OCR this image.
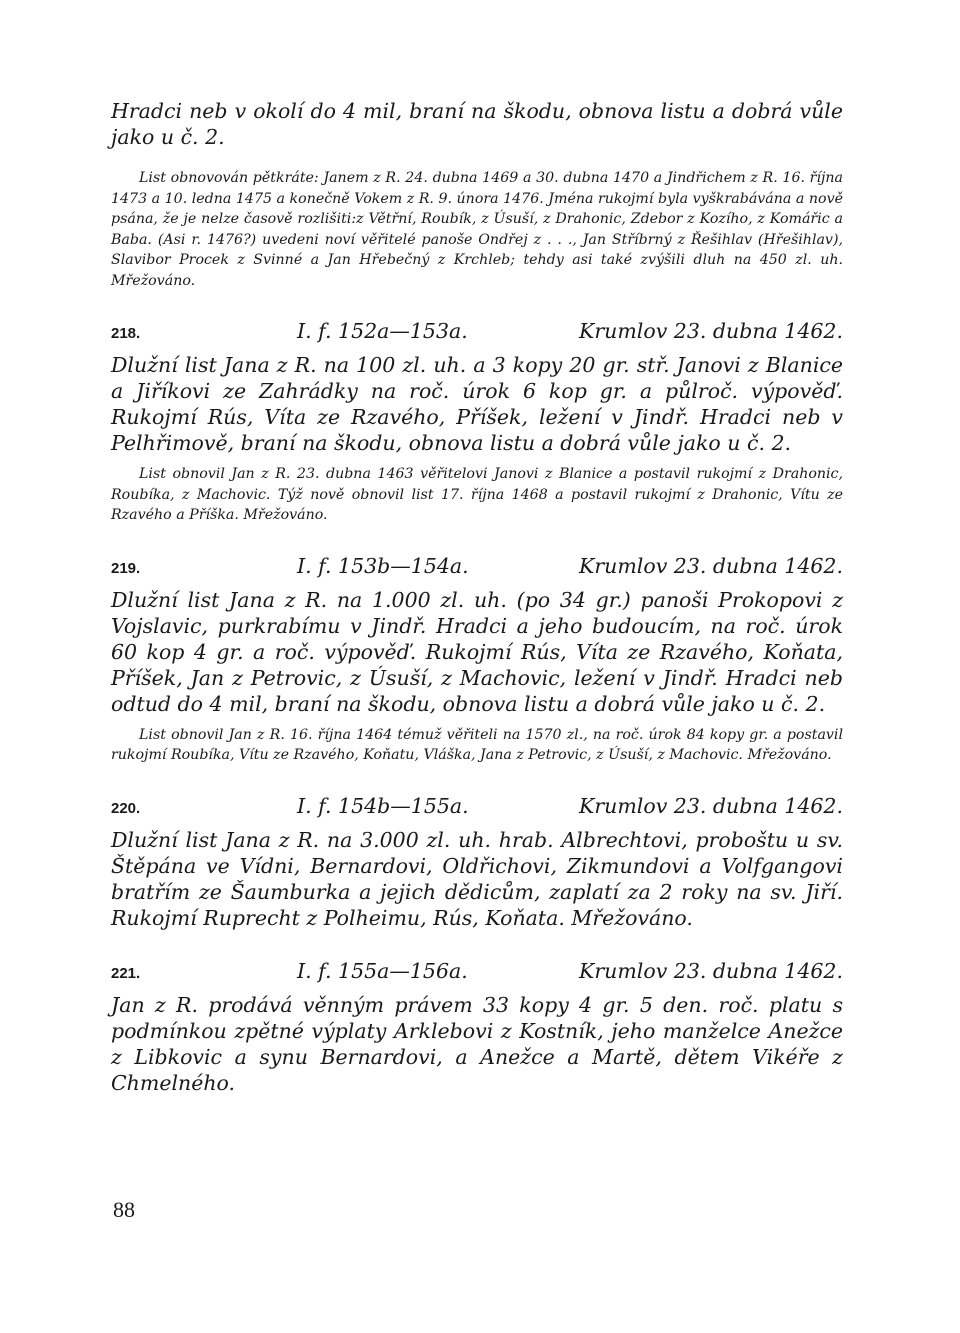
Hradci neb v okolí do 4 mil, braní na škodu, obnova listu a dobrá vůle jako u č. 2.

List obnovován pětkráte: Janem z R. 24. dubna 1469 a 30. dubna 1470 a Jindřichem z R. 16. října 1473 a 10. ledna 1475 a konečně Vokem z R. 9. února 1476. Jména rukojmí byla vyškrabávána a nově psána, že je nelze časově rozlišiti:z Větřní, Roubík, z Úsuší, z Drahonic, Zdebor z Kozího, z Komářic a Baba. (Asi r. 1476?) uvedeni noví věřitelé panoše Ondřej z . . ., Jan Stříbrný z Řešihlav (Hřešihlav), Slavibor Procek z Svinné a Jan Hřebečný z Krchleb; tehdy asi také zvýšili dluh na 450 zl. uh. Mřežováno.

218.	I. f. 152a—153a.	Krumlov 23. dubna 1462.

Dlužní list Jana z R. na 100 zl. uh. a 3 kopy 20 gr. stř. Janovi z Blanice a Jiříkovi ze Zahrádky na roč. úrok 6 kop gr. a půlroč. výpověď. Rukojmí Rús, Víta ze Rzavého, Příšek, ležení v Jindř. Hradci neb v Pelhřimově, braní na škodu, obnova listu a dobrá vůle jako u č. 2.

List obnovil Jan z R. 23. dubna 1463 věřitelovi Janovi z Blanice a postavil rukojmí z Drahonic, Roubíka, z Machovic. Týž nově obnovil list 17. října 1468 a postavil rukojmí z Drahonic, Vítu ze Rzavého a Příška. Mřežováno.

219.	I. f. 153b—154a.	Krumlov 23. dubna 1462.

Dlužní list Jana z R. na 1.000 zl. uh. (po 34 gr.) panoši Prokopovi z Vojslavic, purkrabímu v Jindř. Hradci a jeho budoucím, na roč. úrok 60 kop 4 gr. a roč. výpověď. Rukojmí Rús, Víta ze Rzavého, Koňata, Příšek, Jan z Petrovic, z Úsuší, z Machovic, ležení v Jindř. Hradci neb odtud do 4 mil, braní na škodu, obnova listu a dobrá vůle jako u č. 2.

List obnovil Jan z R. 16. října 1464 témuž věřiteli na 1570 zl., na roč. úrok 84 kopy gr. a postavil rukojmí Roubíka, Vítu ze Rzavého, Koňatu, Vláška, Jana z Petrovic, z Úsuší, z Machovic. Mřežováno.

220.	I. f. 154b—155a.	Krumlov 23. dubna 1462.

Dlužní list Jana z R. na 3.000 zl. uh. hrab. Albrechtovi, proboštu u sv. Štěpána ve Vídni, Bernardovi, Oldřichovi, Zikmundovi a Volfgangovi bratřím ze Šaumburka a jejich dědicům, zaplatí za 2 roky na sv. Jiří. Rukojmí Ruprecht z Polheimu, Rús, Koňata. Mřežováno.

221.	I. f. 155a—156a.	Krumlov 23. dubna 1462.

Jan z R. prodává věnným právem 33 kopy 4 gr. 5 den. roč. platu s podmínkou zpětné výplaty Arklebovi z Kostník, jeho manželce Anežce z Libkovic a synu Bernardovi, a Anežce a Martě, dětem Vikéře z Chmelného.

88
